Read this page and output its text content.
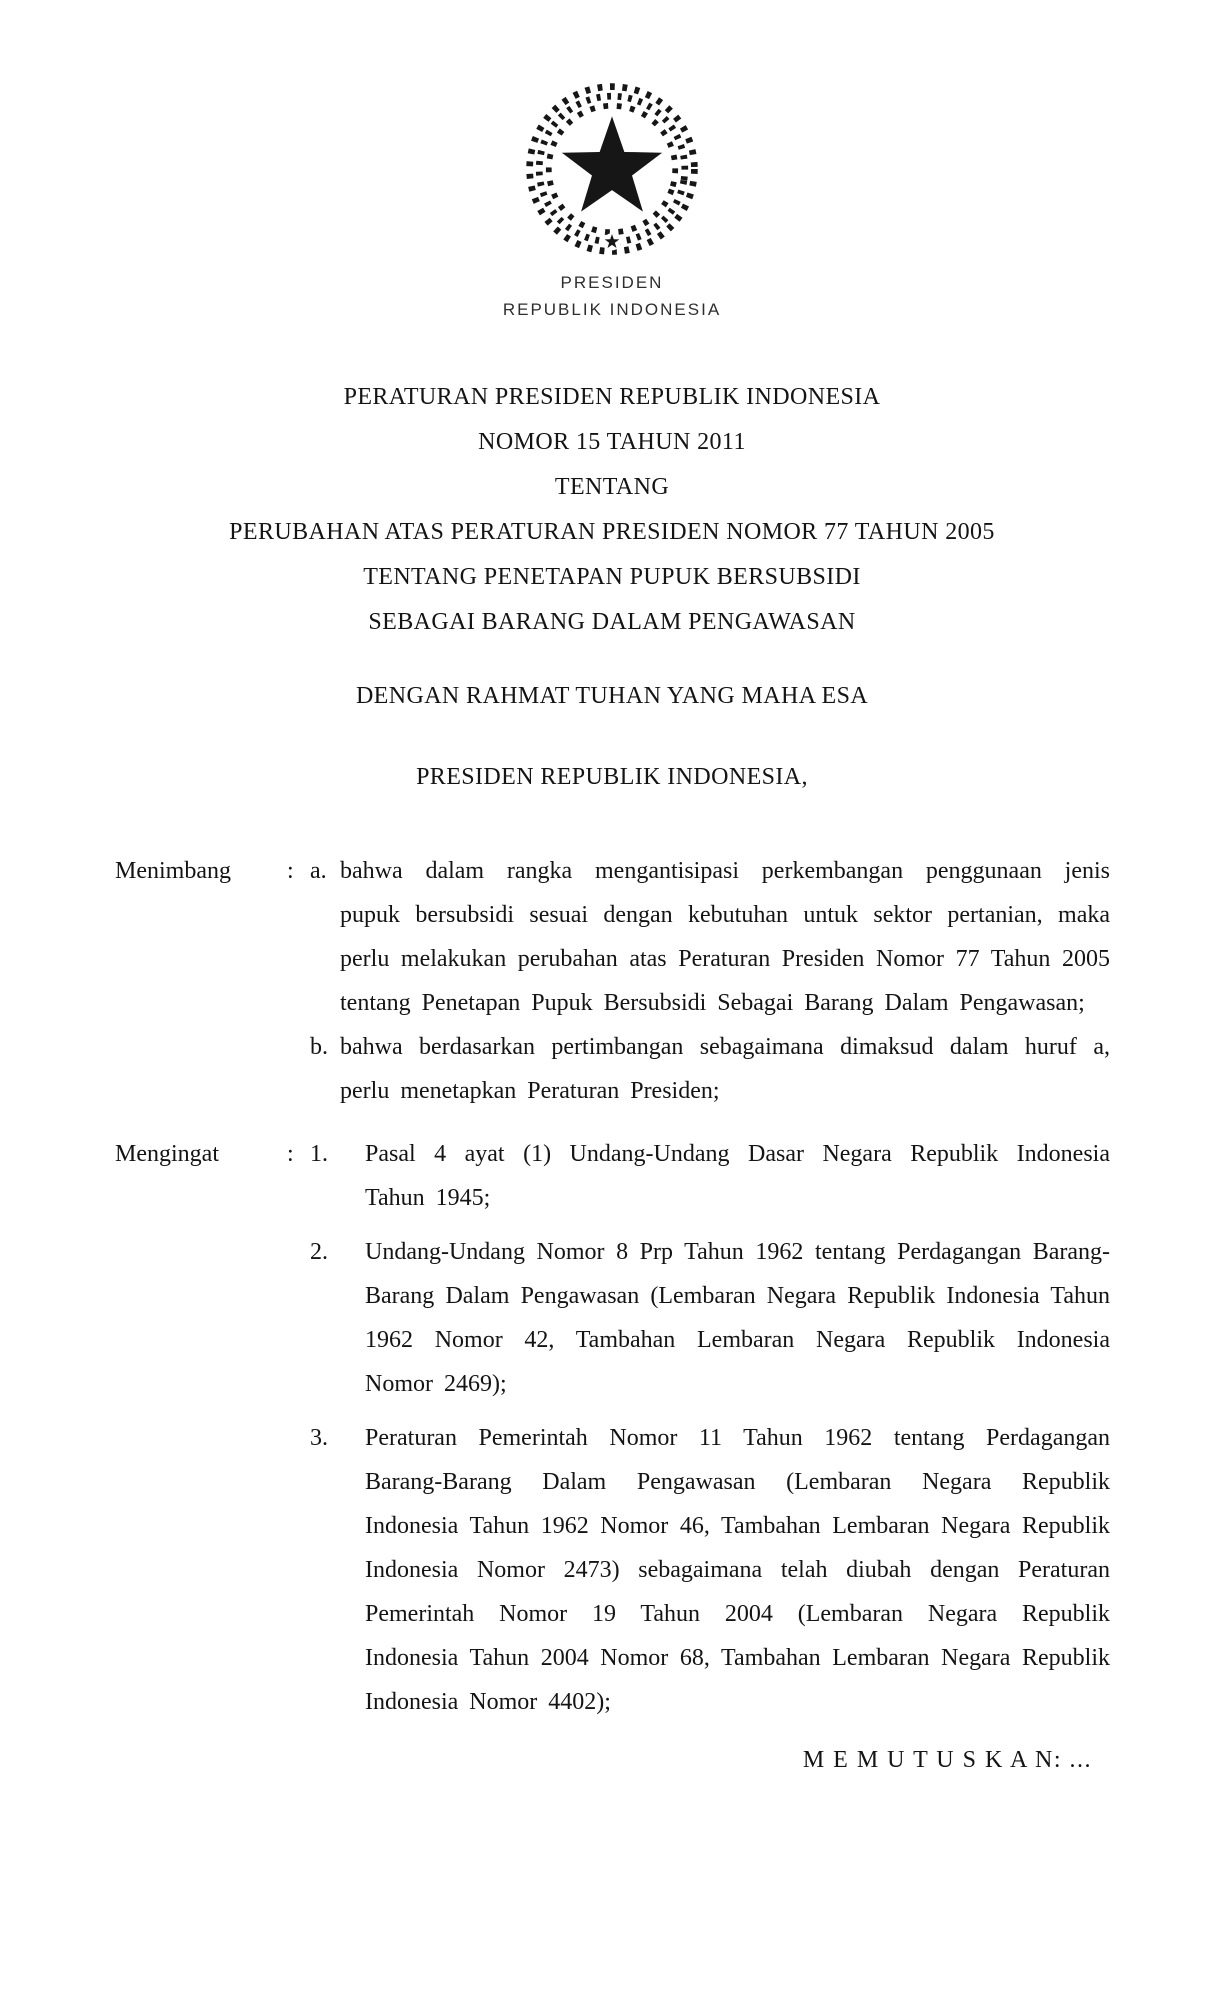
PRESIDEN
REPUBLIK INDONESIA
PERATURAN PRESIDEN REPUBLIK INDONESIA
NOMOR 15 TAHUN 2011
TENTANG
PERUBAHAN ATAS PERATURAN PRESIDEN NOMOR 77 TAHUN 2005
TENTANG PENETAPAN PUPUK BERSUBSIDI
SEBAGAI BARANG DALAM PENGAWASAN
DENGAN RAHMAT TUHAN YANG MAHA ESA
PRESIDEN REPUBLIK INDONESIA,
Menimbang	: a. bahwa dalam rangka mengantisipasi perkembangan penggunaan jenis pupuk bersubsidi sesuai dengan kebutuhan untuk sektor pertanian, maka perlu melakukan perubahan atas Peraturan Presiden Nomor 77 Tahun 2005 tentang Penetapan Pupuk Bersubsidi Sebagai Barang Dalam Pengawasan;
b. bahwa berdasarkan pertimbangan sebagaimana dimaksud dalam huruf a, perlu menetapkan Peraturan Presiden;
Mengingat	: 1.	Pasal 4 ayat (1) Undang-Undang Dasar Negara Republik Indonesia Tahun 1945;
2.	Undang-Undang Nomor 8 Prp Tahun 1962 tentang Perdagangan Barang-Barang Dalam Pengawasan (Lembaran Negara Republik Indonesia Tahun 1962 Nomor 42, Tambahan Lembaran Negara Republik Indonesia Nomor 2469);
3.	Peraturan Pemerintah Nomor 11 Tahun 1962 tentang Perdagangan Barang-Barang Dalam Pengawasan (Lembaran Negara Republik Indonesia Tahun 1962 Nomor 46, Tambahan Lembaran Negara Republik Indonesia Nomor 2473) sebagaimana telah diubah dengan Peraturan Pemerintah Nomor 19 Tahun 2004 (Lembaran Negara Republik Indonesia Tahun 2004 Nomor 68, Tambahan Lembaran Negara Republik Indonesia Nomor 4402);
M E M U T U S K A N: ...
